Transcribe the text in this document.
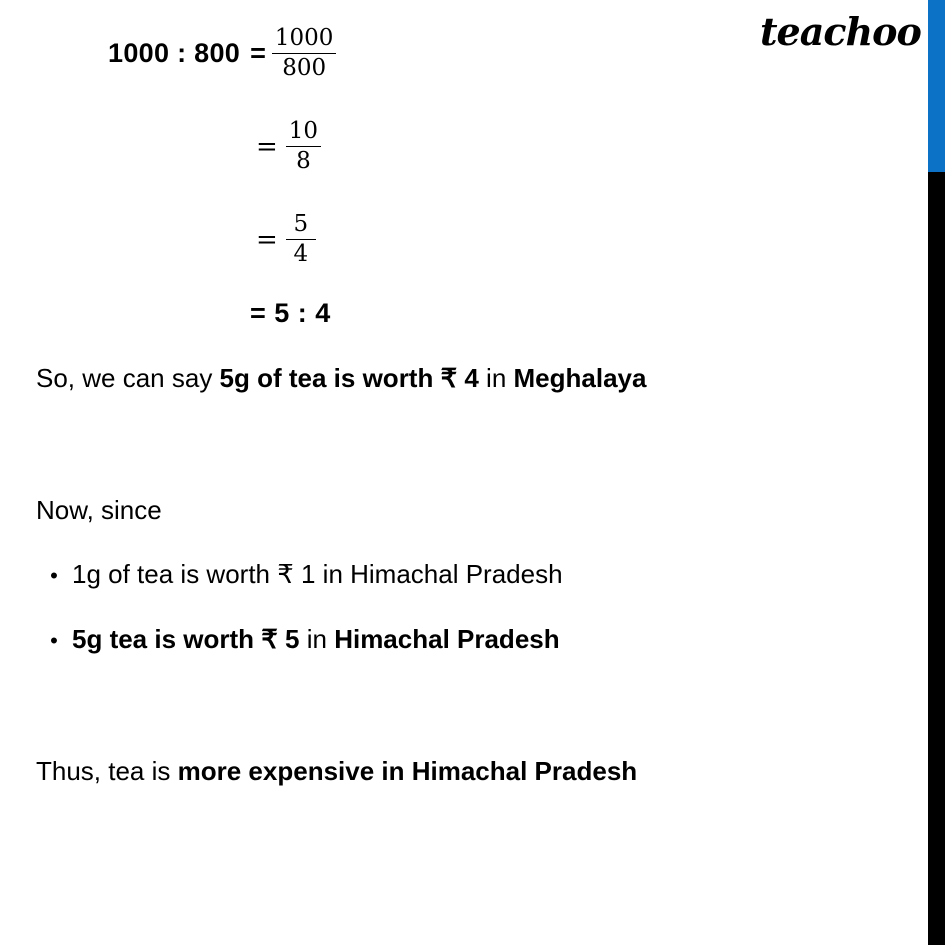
teachoo
1000 : $800 = \frac{1000}{800}$
= $\frac{10}{8}$
= $\frac{5}{4}$
= 5 : 4
So, we can say 5g of tea is worth ₹ 4 in Meghalaya
Now, since
• 1g of tea is worth ₹ 1 in Himachal Pradesh
• 5g tea is worth ₹ 5 in Himachal Pradesh
Thus, tea is more expensive in Himachal Pradesh
